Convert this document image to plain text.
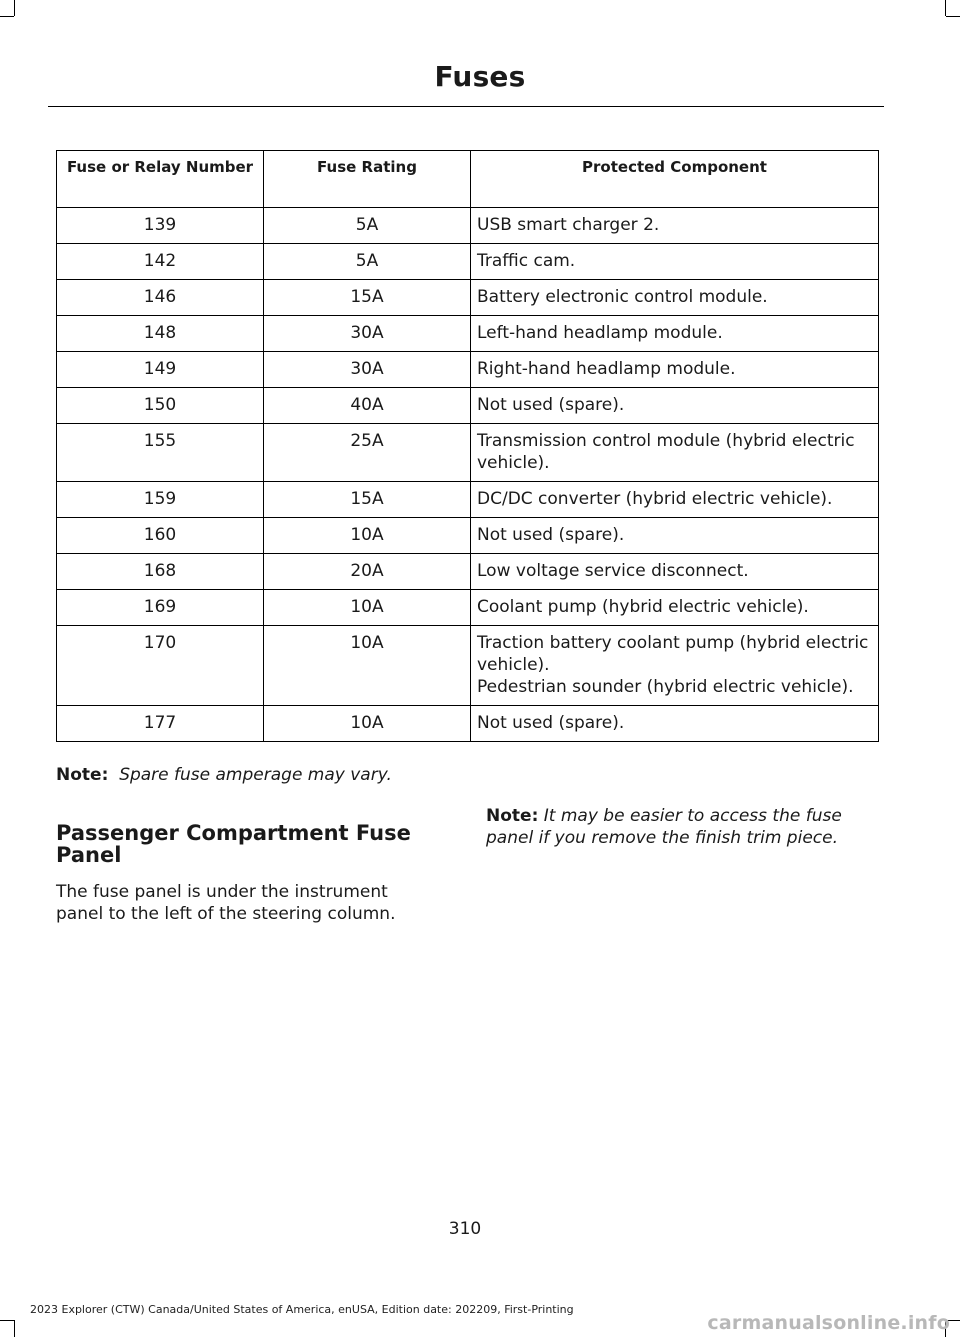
Fuses
Fuse or Relay Number	Fuse Rating	Protected Component
139	5A	USB smart charger 2.

142	5A	Traffic cam.

146	15A	Battery electronic control module.

148	30A	Left-hand headlamp module.

149	30A	Right-hand headlamp module.

150	40A	Not used (spare).

155	25A	Transmission control module (hybrid electric vehicle).

159	15A	DC/DC converter (hybrid electric vehicle).

160	10A	Not used (spare).

168	20A	Low voltage service disconnect.

169	10A	Coolant pump (hybrid electric vehicle).

170	10A	Traction battery coolant pump (hybrid electric vehicle).
Pedestrian sounder (hybrid electric vehicle).

177	10A	Not used (spare).
Note: Spare fuse amperage may vary.
Passenger Compartment Fuse Panel
The fuse panel is under the instrument panel to the left of the steering column.
Note: It may be easier to access the fuse panel if you remove the finish trim piece.
310
2023 Explorer (CTW) Canada/United States of America, enUSA, Edition date: 202209, First-Printing
carmanualsonline.info
